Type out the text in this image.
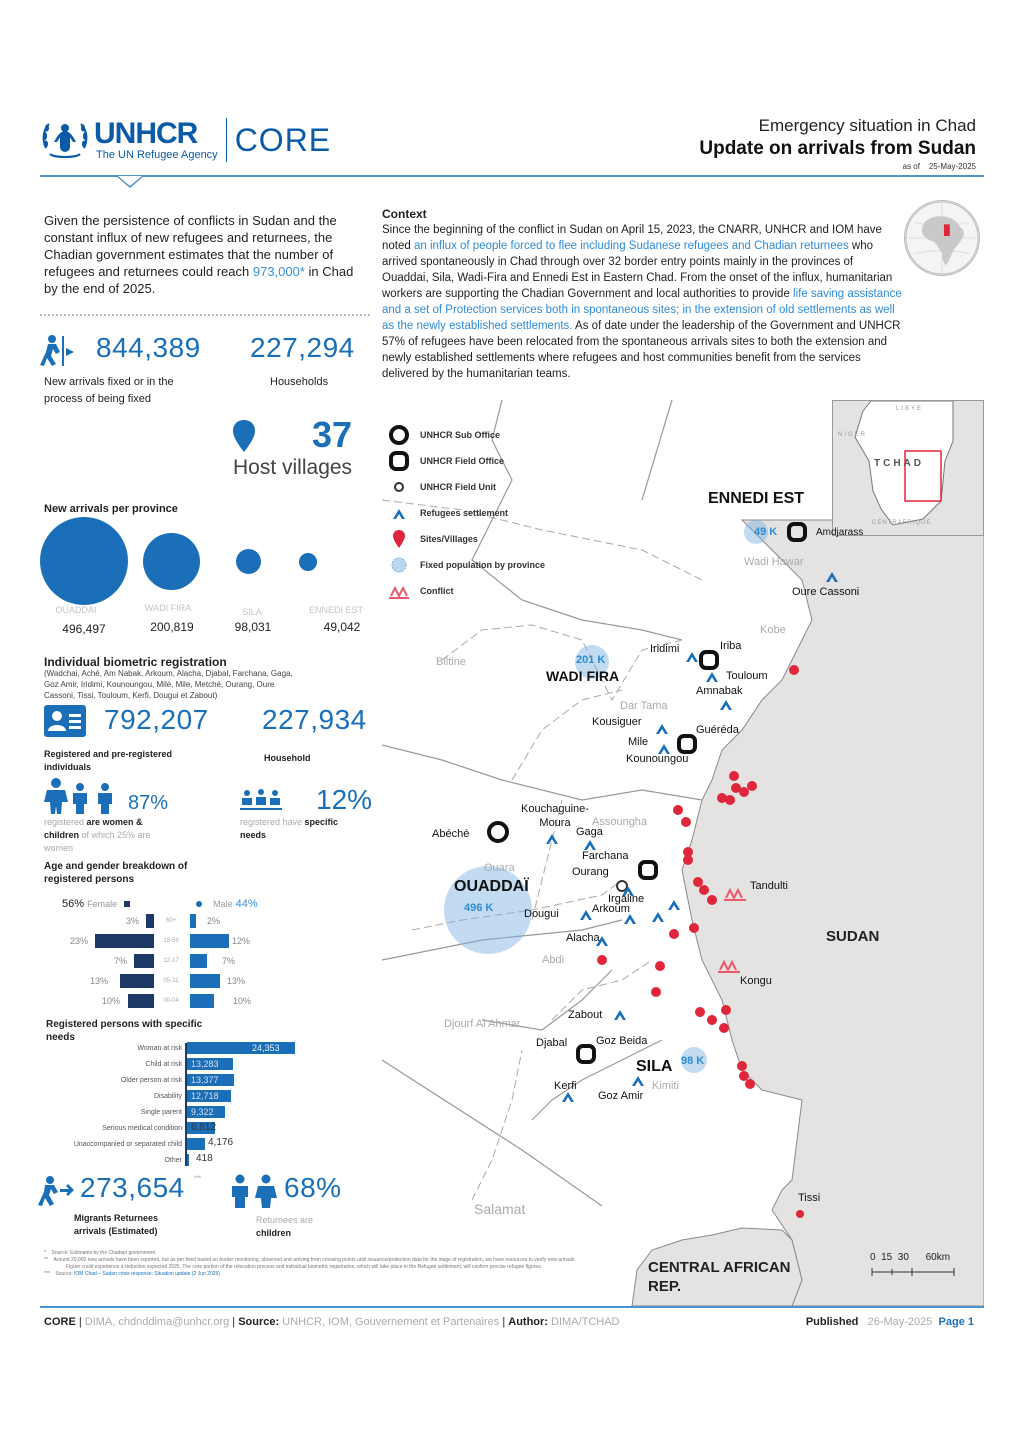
UNHCR
The UN Refugee Agency CORE	Emergency situation in Chad
Update on arrivals from Sudan
as of 25-May-2025
Given the persistence of conflicts in Sudan and the constant influx of new refugees and returnees, the Chadian government estimates that the number of refugees and returnees could reach 973,000* in Chad by the end of 2025.
844,389
New arrivals fixed or in the process of being fixed
227,294
Households
37
Host villages
New arrivals per province
OUADDAI	WADI FIRA	SILA	ENNEDI EST
496,497	200,819	98,031	49,042
Individual biometric registration
(Wadchai, Aché, Am Nabak, Arkoum, Alacha, Djabal, Farchana, Gaga, Goz Amir, Iridimi, Kounoungou, Milé, Mile, Metché, Ourang, Oure Cassoni, Tissi, Touloum, Kerfi, Dougui et Zabout)
792,207
Registered and pre-registered individuals
227,934
Household
87%
registered are women & children of which 25% are women
12%
registered have specific needs
Age and gender breakdown of registered persons
56% Female	Male 44%
3%	2%
60+
23%	12%
18-59
7%	7%
12-17
13%	13%
05-11
10%	10%
00-04
Registered persons with specific needs
Woman at risk	24,353
Child at risk 13,283
Older person at risk 13,377
Disability 12,718
Single parent 9,322
Serious medical condition 6,812
Unaccompanied or separated child	4,176
Other 418
273,654 ***
Migrants Returnees arrivals (Estimated)
68%
Returnees are
children
* Source: Estimates by the Chadian government.
** Around 20,000 new arrivals have been reported, but as per fixed based on border monitoring, observed and arriving from crossing points until issuance/protection data for the stage of registration, we have resources to verify new arrivals.
Figure could experience a reduction expected 2025. The core portion of the relocation process and individual biometric registration, which will take place in the Refugee settlement, will confirm precise refugee figures.
*** Source: IOM Chad – Sudan crisis response: Situation update (2 Jun 2025)
Context
Since the beginning of the conflict in Sudan on April 15, 2023, the CNARR, UNHCR and IOM have noted an influx of people forced to flee including Sudanese refugees and Chadian returnees who arrived spontaneously in Chad through over 32 border entry points mainly in the provinces of Ouaddai, Sila, Wadi-Fira and Ennedi Est in Eastern Chad. From the onset of the influx, humanitarian workers are supporting the Chadian Government and local authorities to provide life saving assistance and a set of Protection services both in spontaneous sites; in the extension of old settlements as well as the newly established settlements. As of date under the leadership of the Government and UNHCR 57% of refugees have been relocated from the spontaneous arrivals sites to both the extension and newly established settlements where refugees and host communities benefit from the services delivered by the humanitarian teams.
LIBYE
NIGER
TCHAD
CENTRAFRIQUE
UNHCR Sub Office
UNHCR Field Office
UNHCR Field Unit
Refugees settlement
Sites/Villages
Fixed population by province
Conflict
ENNEDI EST
49 K	Amdjarass
Wadi Hawar
Oure Cassoni
Kobe
Biltine	201 K
WADI FIRA
Iridimi	Iriba
Touloum
Amnabak
Dar Tama
Kousiguer
Guéréda
Mile
Kounoungou
Kouchaguine-Moura	Assoungha
Gaga
Abéché
Farchana
Ouara	Ourang
OUADDAÏ
496 K
Irgaline
Arkoum
Dougui
Alacha
Abdi
Tandulti
SUDAN
Kongu
Zabout
Djourf Al Ahmar
Djabal	Goz Beida
98 K
SILA
Kimiti
Kerfi
Goz Amir
Salamat
Tissi
CENTRAL AFRICAN REP.
0  15  30      60km
CORE | DIMA, chdnddima@unhcr.org | Source: UNHCR, IOM, Gouvernement et Partenaires | Author: DIMA/TCHAD	Published 26-May-2025 Page 1
